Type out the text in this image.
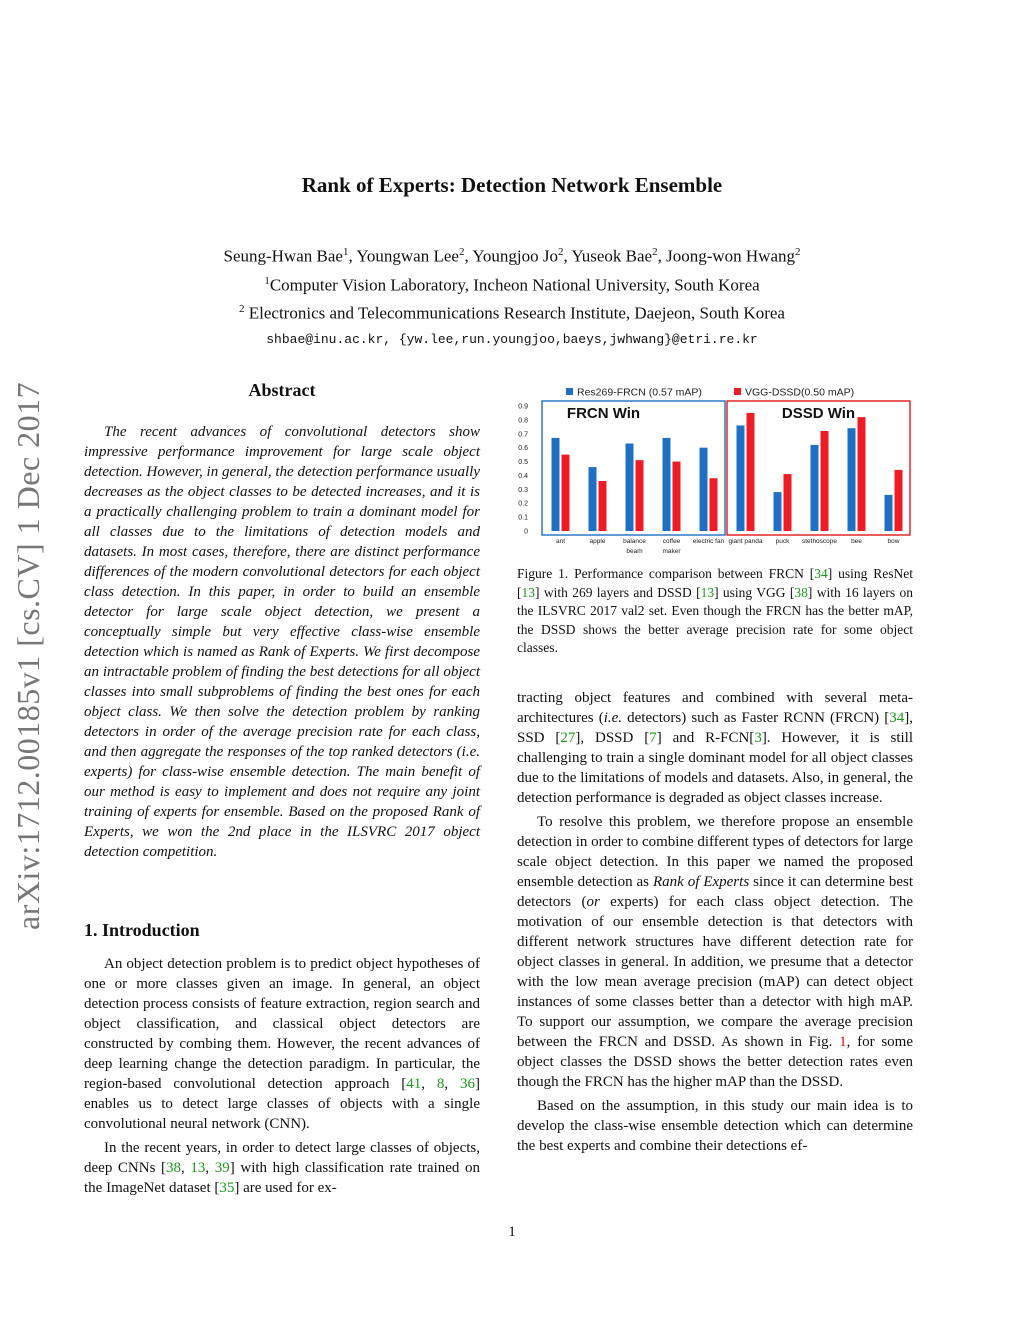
Rank of Experts: Detection Network Ensemble
Seung-Hwan Bae$^1$, Youngwan Lee$^2$, Youngjoo Jo$^2$, Yuseok Bae$^2$, Joong-won Hwang$^2$
$^1$Computer Vision Laboratory, Incheon National University, South Korea
$^2$ Electronics and Telecommunications Research Institute, Daejeon, South Korea
shbae@inu.ac.kr, {yw.lee,run.youngjoo,baeys,jwhwang}@etri.re.kr
arXiv:1712.00185v1 [cs.CV] 1 Dec 2017	Abstract
The recent advances of convolutional detectors show impressive performance improvement for large scale object detection. However, in general, the detection performance usually decreases as the object classes to be detected increases, and it is a practically challenging problem to train a dominant model for all classes due to the limitations of detection models and datasets. In most cases, therefore, there are distinct performance differences of the modern convolutional detectors for each object class detection. In this paper, in order to build an ensemble detector for large scale object detection, we present a conceptually simple but very effective class-wise ensemble detection which is named as Rank of Experts. We first decompose an intractable problem of finding the best detections for all object classes into small subproblems of finding the best ones for each object class. We then solve the detection problem by ranking detectors in order of the average precision rate for each class, and then aggregate the responses of the top ranked detectors (i.e. experts) for class-wise ensemble detection. The main benefit of our method is easy to implement and does not require any joint training of experts for ensemble. Based on the proposed Rank of Experts, we won the 2nd place in the ILSVRC 2017 object detection competition.
1. Introduction

An object detection problem is to predict object hypotheses of one or more classes given an image. In general, an object detection process consists of feature extraction, region search and object classification, and classical object detectors are constructed by combing them. However, the recent advances of deep learning change the detection paradigm. In particular, the region-based convolutional detection approach [41, 8, 36] enables us to detect large classes of objects with a single convolutional neural network (CNN).

In the recent years, in order to detect large classes of objects, deep CNNs [38, 13, 39] with high classification rate trained on the ImageNet dataset [35] are used for ex-

Res269-FRCN (0.57 mAP)	VGG-DSSD(0.50 mAP)
0
0.1
0.2
0.3
0.4
0.5
0.6
0.7
0.8
0.9	FRCN Win	DSSD Win
ant	apple	balance
beam
coffee
maker
electric fan giant panda puck stethoscope bee	bow
Figure 1. Performance comparison between FRCN [34] using ResNet [13] with 269 layers and DSSD [13] using VGG [38] with 16 layers on the ILSVRC 2017 val2 set. Even though the FRCN has the better mAP, the DSSD shows the better average precision rate for some object classes.

tracting object features and combined with several meta-architectures (i.e. detectors) such as Faster RCNN (FRCN) [34], SSD [27], DSSD [7] and R-FCN[3]. However, it is still challenging to train a single dominant model for all object classes due to the limitations of models and datasets. Also, in general, the detection performance is degraded as object classes increase.

To resolve this problem, we therefore propose an ensemble detection in order to combine different types of detectors for large scale object detection. In this paper we named the proposed ensemble detection as Rank of Experts since it can determine best detectors (or experts) for each class object detection. The motivation of our ensemble detection is that detectors with different network structures have different detection rate for object classes in general. In addition, we presume that a detector with the low mean average precision (mAP) can detect object instances of some classes better than a detector with high mAP. To support our assumption, we compare the average precision between the FRCN and DSSD. As shown in Fig. 1, for some object classes the DSSD shows the better detection rates even though the FRCN has the higher mAP than the DSSD.

Based on the assumption, in this study our main idea is to develop the class-wise ensemble detection which can determine the best experts and combine their detections ef-

1
